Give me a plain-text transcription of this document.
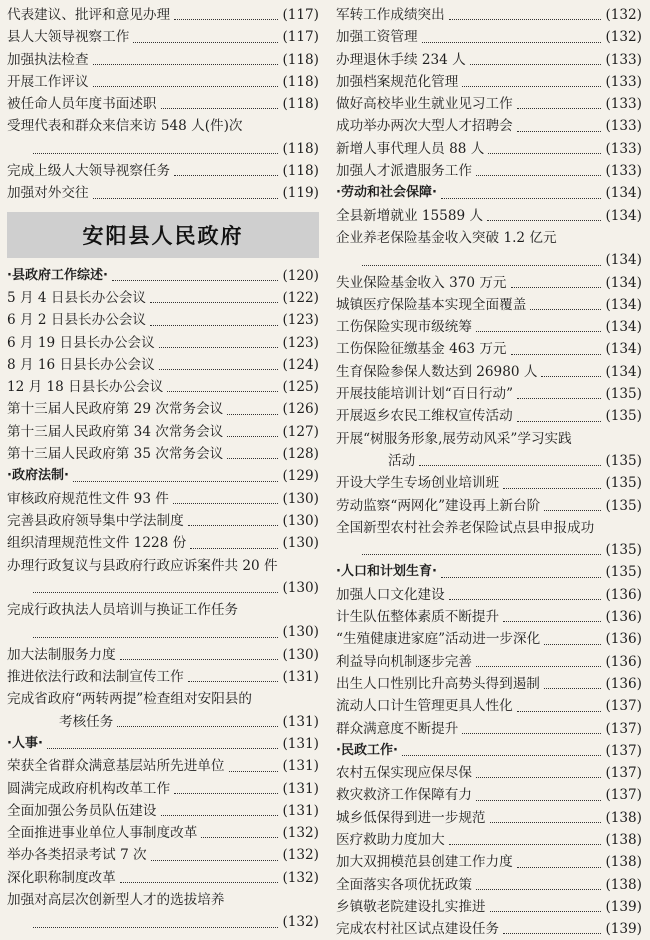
代表建议、批评和意见办理	(117)
县人大领导视察工作	(117)
加强执法检查	(118)
开展工作评议	(118)
被任命人员年度书面述职	(118)
受理代表和群众来信来访 548 人(件)次
(118)
完成上级人大领导视察任务	(118)
加强对外交往	(119)
安阳县人民政府
·县政府工作综述·	(120)
5 月 4 日县长办公会议	(122)
6 月 2 日县长办公会议	(123)
6 月 19 日县长办公会议	(123)
8 月 16 日县长办公会议	(124)
12 月 18 日县长办公会议	(125)
第十三届人民政府第 29 次常务会议	(126)
第十三届人民政府第 34 次常务会议	(127)
第十三届人民政府第 35 次常务会议	(128)
·政府法制·	(129)
审核政府规范性文件 93 件	(130)
完善县政府领导集中学法制度	(130)
组织清理规范性文件 1228 份	(130)
办理行政复议与县政府行政应诉案件共 20 件
(130)
完成行政执法人员培训与换证工作任务
(130)
加大法制服务力度	(130)
推进依法行政和法制宣传工作	(131)
完成省政府“两转两提”检查组对安阳县的
考核任务	(131)
·人事·	(131)
荣获全省群众满意基层站所先进单位	(131)
圆满完成政府机构改革工作	(131)
全面加强公务员队伍建设	(131)
全面推进事业单位人事制度改革	(132)
举办各类招录考试 7 次	(132)
深化职称制度改革	(132)
加强对高层次创新型人才的选拔培养
(132)
军转工作成绩突出	(132)
加强工资管理	(132)
办理退休手续 234 人	(133)
加强档案规范化管理	(133)
做好高校毕业生就业见习工作	(133)
成功举办两次大型人才招聘会	(133)
新增人事代理人员 88 人	(133)
加强人才派遣服务工作	(133)
·劳动和社会保障·	(134)
全县新增就业 15589 人	(134)
企业养老保险基金收入突破 1.2 亿元
(134)
失业保险基金收入 370 万元	(134)
城镇医疗保险基本实现全面覆盖	(134)
工伤保险实现市级统筹	(134)
工伤保险征缴基金 463 万元	(134)
生育保险参保人数达到 26980 人	(134)
开展技能培训计划“百日行动”	(135)
开展返乡农民工维权宣传活动	(135)
开展“树服务形象,展劳动风采”学习实践
活动	(135)
开设大学生专场创业培训班	(135)
劳动监察“两网化”建设再上新台阶	(135)
全国新型农村社会养老保险试点县申报成功
(135)
·人口和计划生育·	(135)
加强人口文化建设	(136)
计生队伍整体素质不断提升	(136)
“生殖健康进家庭”活动进一步深化	(136)
利益导向机制逐步完善	(136)
出生人口性别比升高势头得到遏制	(136)
流动人口计生管理更具人性化	(137)
群众满意度不断提升	(137)
·民政工作·	(137)
农村五保实现应保尽保	(137)
救灾救济工作保障有力	(137)
城乡低保得到进一步规范	(138)
医疗救助力度加大	(138)
加大双拥模范县创建工作力度	(138)
全面落实各项优抚政策	(138)
乡镇敬老院建设扎实推进	(139)
完成农村社区试点建设任务	(139)
